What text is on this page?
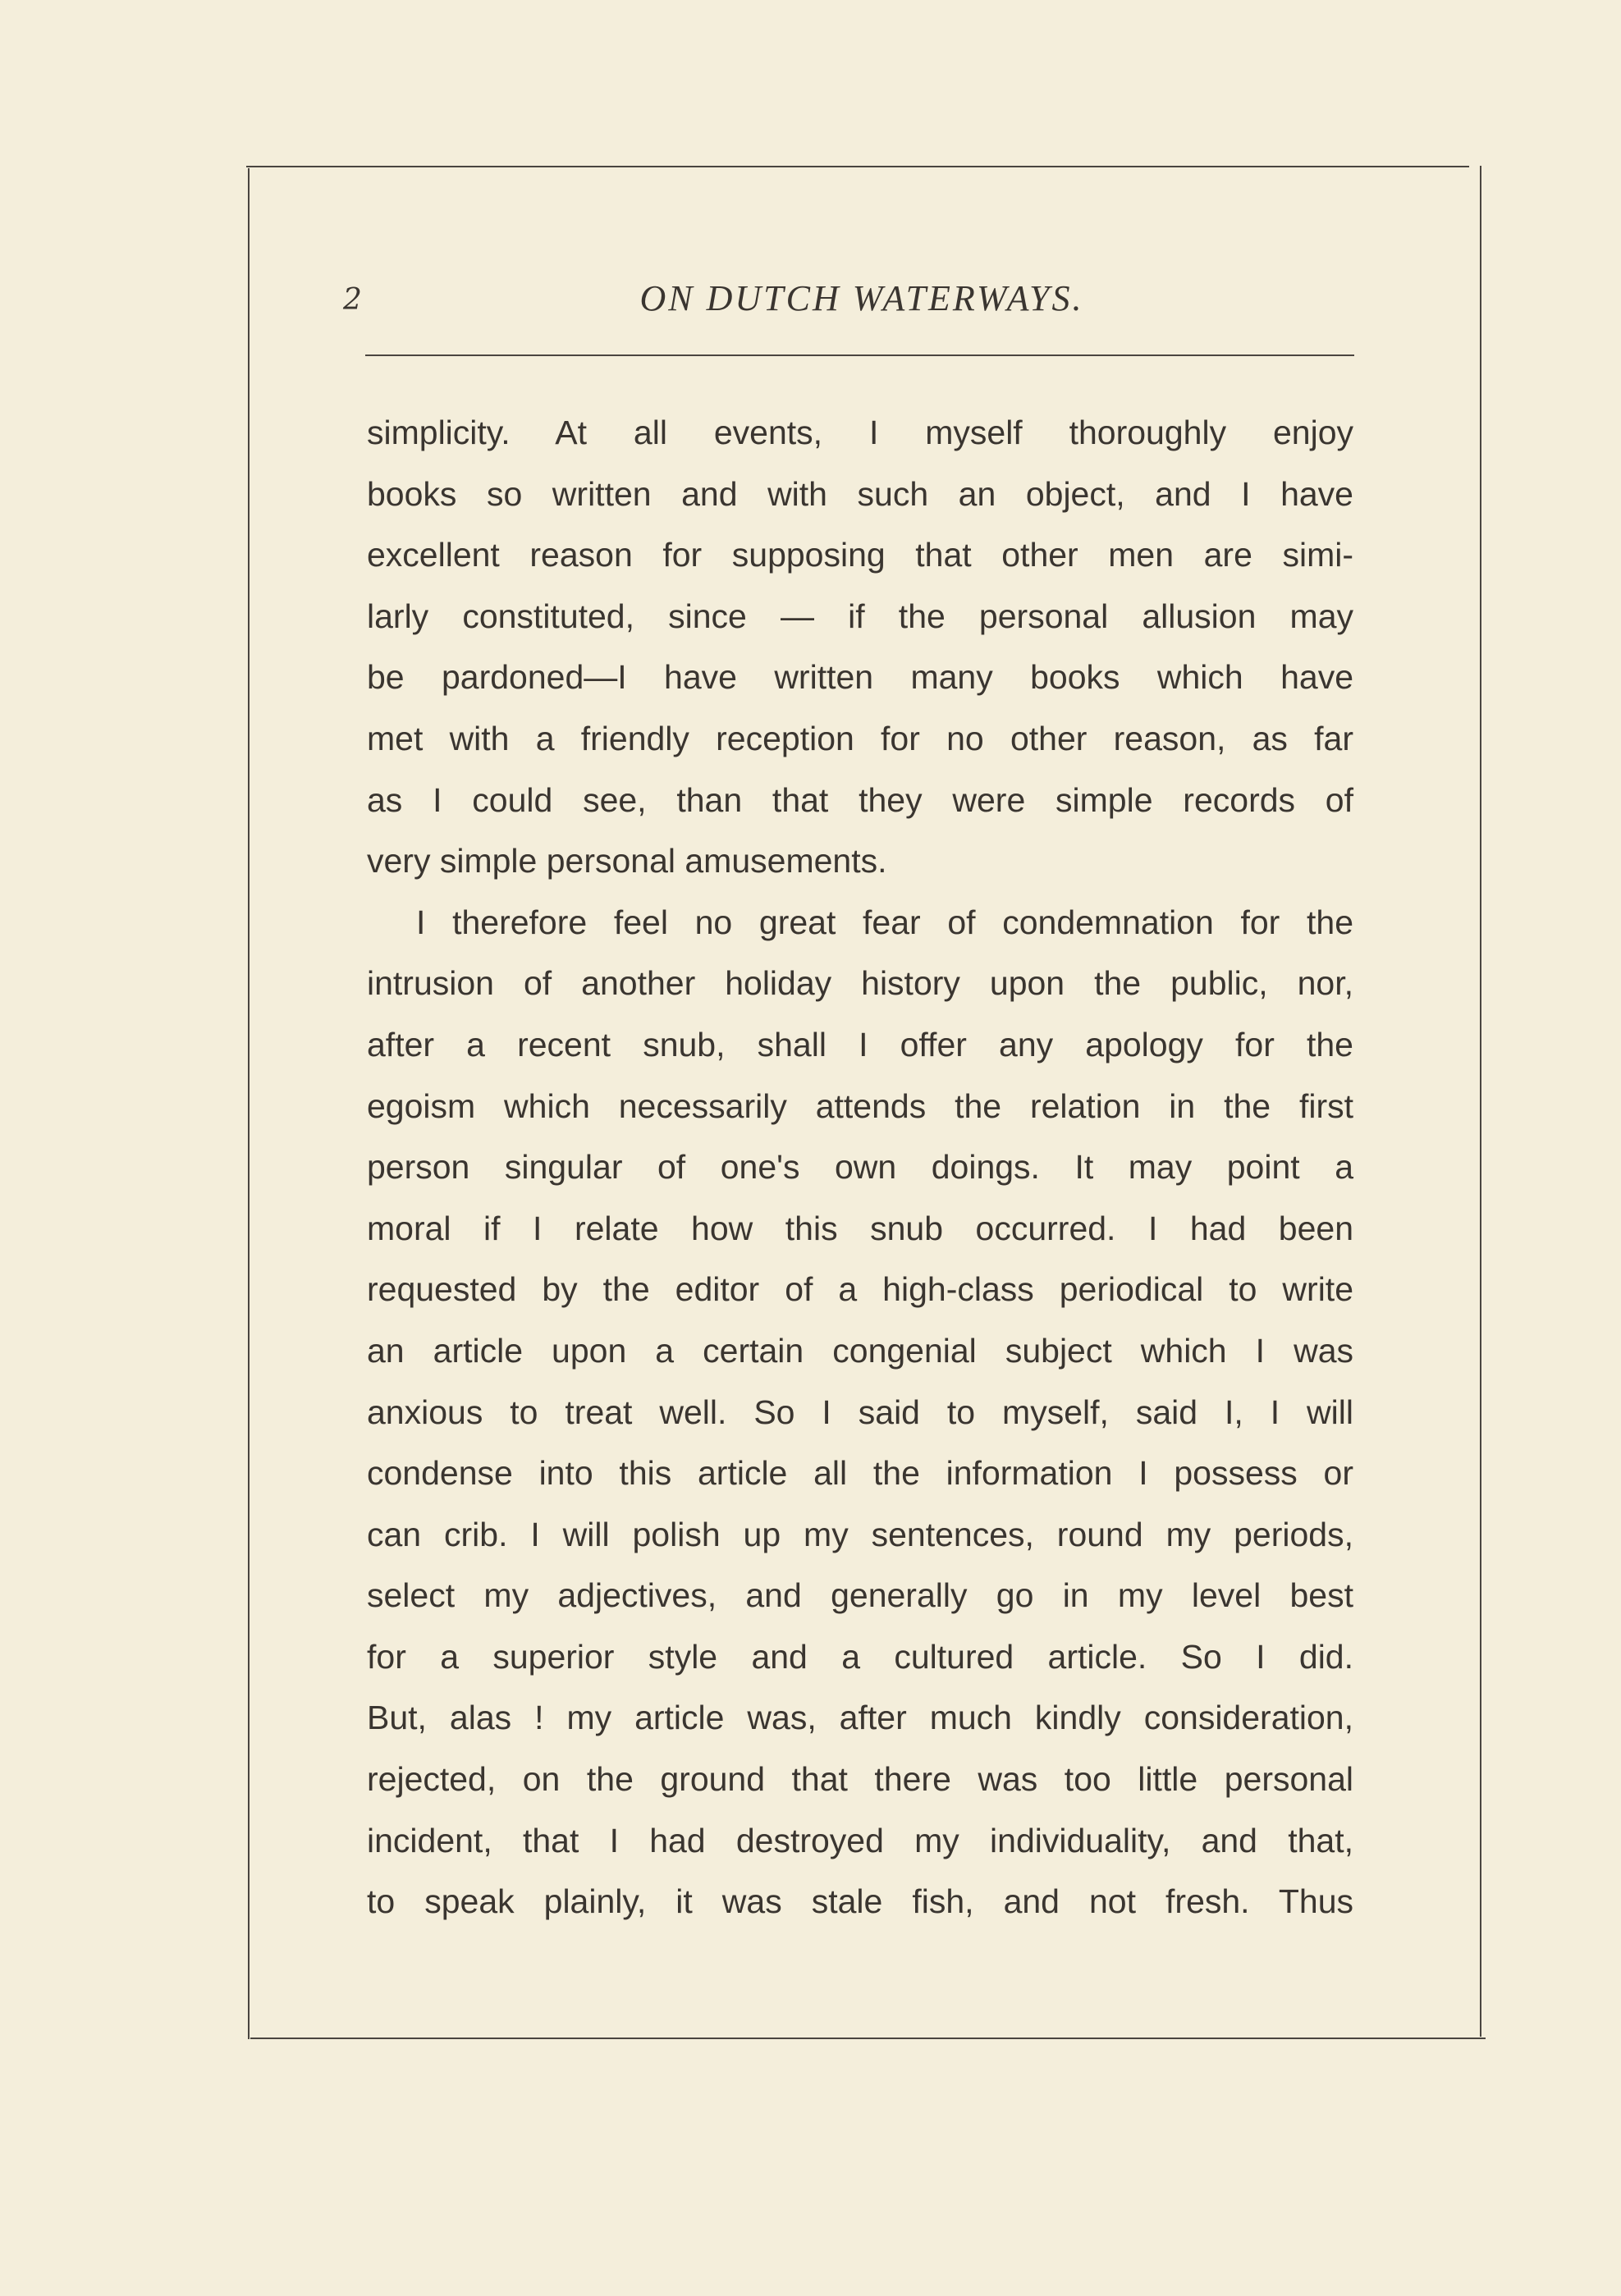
2	ON DUTCH WATERWAYS.
simplicity. At all events, I myself thoroughly enjoy
books so written and with such an object, and I have
excellent reason for supposing that other men are simi-
larly constituted, since — if the personal allusion may
be pardoned—I have written many books which have
met with a friendly reception for no other reason, as far
as I could see, than that they were simple records of
very simple personal amusements.
I therefore feel no great fear of condemnation for the
intrusion of another holiday history upon the public, nor,
after a recent snub, shall I offer any apology for the
egoism which necessarily attends the relation in the first
person singular of one's own doings. It may point a
moral if I relate how this snub occurred. I had been
requested by the editor of a high-class periodical to write
an article upon a certain congenial subject which I was
anxious to treat well. So I said to myself, said I, I will
condense into this article all the information I possess or
can crib. I will polish up my sentences, round my periods,
select my adjectives, and generally go in my level best
for a superior style and a cultured article. So I did.
But, alas ! my article was, after much kindly consideration,
rejected, on the ground that there was too little personal
incident, that I had destroyed my individuality, and that,
to speak plainly, it was stale fish, and not fresh. Thus
